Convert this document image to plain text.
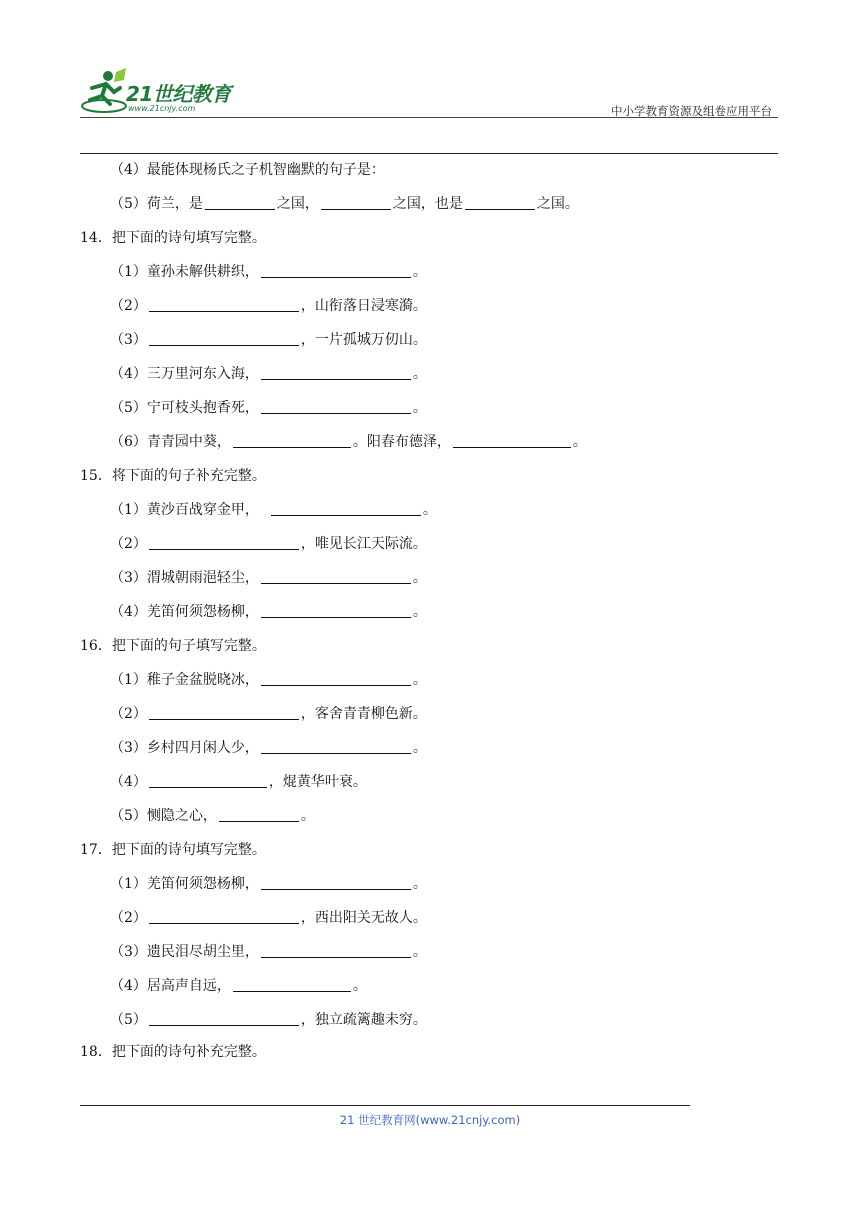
21世纪教育
www.21cnjy.com	中小学教育资源及组卷应用平台
（4）最能体现杨氏之子机智幽默的句子是：
（5）荷兰，是	之国，	之国，也是	之国。
14．把下面的诗句填写完整。
（1）童孙未解供耕织，	。
（2）	，山衔落日浸寒漪。
（3）	，一片孤城万仞山。
（4）三万里河东入海，	。
（5）宁可枝头抱香死，	。
（6）青青园中葵，	。阳春布德泽，	。
15．将下面的句子补充完整。
（1）黄沙百战穿金甲，	。
（2）	，唯见长江天际流。
（3）渭城朝雨浥轻尘，	。
（4）羌笛何须怨杨柳，	。
16．把下面的句子填写完整。
（1）稚子金盆脱晓冰，	。
（2）	，客舍青青柳色新。
（3）乡村四月闲人少，	。
（4）	，焜黄华叶衰。
（5）恻隐之心，	。
17．把下面的诗句填写完整。
（1）羌笛何须怨杨柳，	。
（2）	，西出阳关无故人。
（3）遗民泪尽胡尘里，	。
（4）居高声自远，	。
（5）	，独立疏篱趣未穷。
18．把下面的诗句补充完整。
21 世纪教育网(www.21cnjy.com)
